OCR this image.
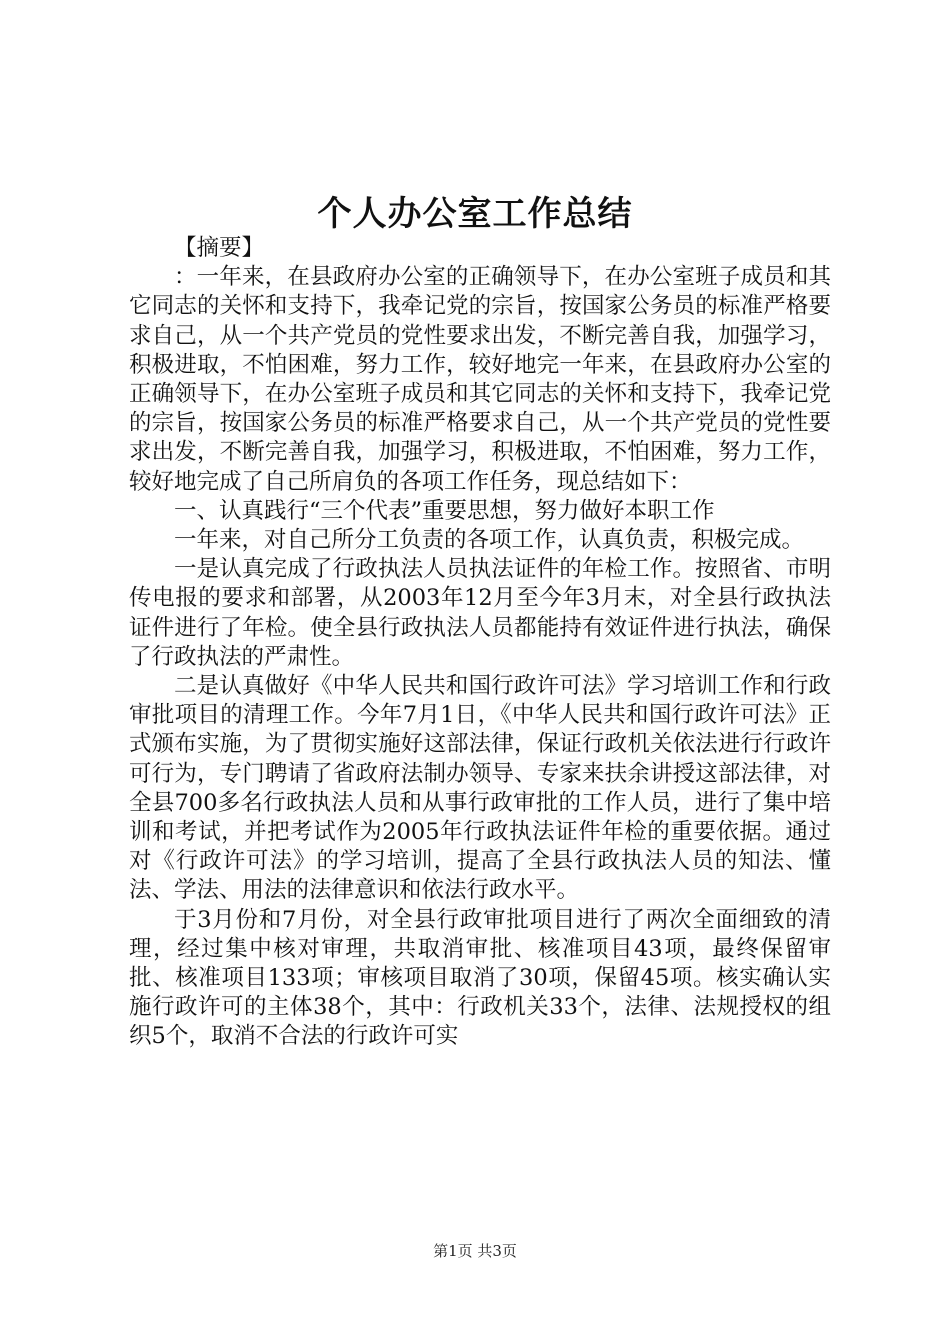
个人办公室工作总结

【摘要】

：一年来，在县政府办公室的正确领导下，在办公室班子成员和其它同志的关怀和支持下，我牵记党的宗旨，按国家公务员的标准严格要求自己，从一个共产党员的党性要求出发，不断完善自我，加强学习，积极进取，不怕困难，努力工作，较好地完一年来，在县政府办公室的正确领导下，在办公室班子成员和其它同志的关怀和支持下，我牵记党的宗旨，按国家公务员的标准严格要求自己，从一个共产党员的党性要求出发，不断完善自我，加强学习，积极进取，不怕困难，努力工作，较好地完成了自己所肩负的各项工作任务，现总结如下：

一、认真践行“三个代表”重要思想，努力做好本职工作

一年来，对自己所分工负责的各项工作，认真负责，积极完成。

一是认真完成了行政执法人员执法证件的年检工作。按照省、市明传电报的要求和部署，从2003年12月至今年3月末，对全县行政执法证件进行了年检。使全县行政执法人员都能持有效证件进行执法，确保了行政执法的严肃性。

二是认真做好《中华人民共和国行政许可法》学习培训工作和行政审批项目的清理工作。今年7月1日，《中华人民共和国行政许可法》正式颁布实施，为了贯彻实施好这部法律，保证行政机关依法进行行政许可行为，专门聘请了省政府法制办领导、专家来扶余讲授这部法律，对全县700多名行政执法人员和从事行政审批的工作人员，进行了集中培训和考试，并把考试作为2005年行政执法证件年检的重要依据。通过对《行政许可法》的学习培训，提高了全县行政执法人员的知法、懂法、学法、用法的法律意识和依法行政水平。

于3月份和7月份，对全县行政审批项目进行了两次全面细致的清理，经过集中核对审理，共取消审批、核准项目43项，最终保留审批、核准项目133项；审核项目取消了30项，保留45项。核实确认实施行政许可的主体38个，其中：行政机关33个，法律、法规授权的组织5个，取消不合法的行政许可实

第1页 共3页
